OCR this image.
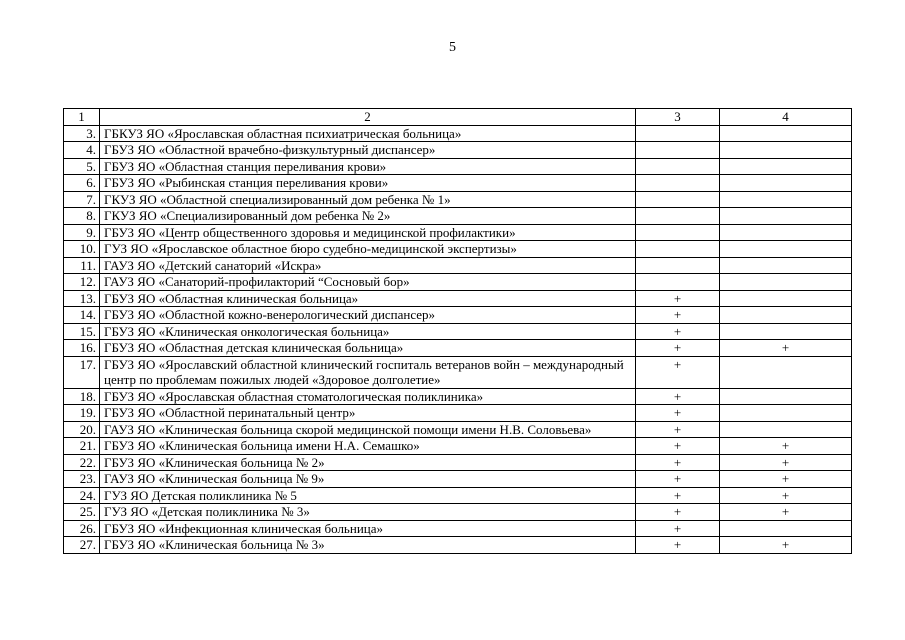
5
1	2	3	4
3.	ГБКУЗ ЯО «Ярославская областная психиатрическая больница»		
4.	ГБУЗ ЯО «Областной врачебно-физкультурный диспансер»		
5.	ГБУЗ ЯО «Областная станция переливания крови»		
6.	ГБУЗ ЯО «Рыбинская станция переливания крови»		
7.	ГКУЗ ЯО «Областной специализированный дом ребенка № 1»		
8.	ГКУЗ ЯО «Специализированный дом ребенка № 2»		
9.	ГБУЗ ЯО «Центр общественного здоровья и медицинской профилактики»		
10.	ГУЗ ЯО «Ярославское областное бюро судебно-медицинской экспертизы»		
11.	ГАУЗ ЯО «Детский санаторий «Искра»		
12.	ГАУЗ ЯО «Санаторий-профилакторий “Сосновый бор»		
13.	ГБУЗ ЯО «Областная клиническая больница»	+	
14.	ГБУЗ ЯО «Областной кожно-венерологический диспансер»	+	
15.	ГБУЗ ЯО «Клиническая онкологическая больница»	+	
16.	ГБУЗ ЯО «Областная детская клиническая больница»	+	+
17.	ГБУЗ ЯО «Ярославский областной клинический госпиталь ветеранов войн – международный центр по проблемам пожилых людей «Здоровое долголетие»	+	
18.	ГБУЗ ЯО «Ярославская областная стоматологическая поликлиника»	+	
19.	ГБУЗ ЯО «Областной перинатальный центр»	+	
20.	ГАУЗ ЯО «Клиническая больница скорой медицинской помощи имени Н.В. Соловьева»	+	
21.	ГБУЗ ЯО «Клиническая больница имени Н.А. Семашко»	+	+
22.	ГБУЗ ЯО «Клиническая больница № 2»	+	+
23.	ГАУЗ ЯО «Клиническая больница № 9»	+	+
24.	ГУЗ ЯО Детская поликлиника № 5	+	+
25.	ГУЗ ЯО «Детская поликлиника № 3»	+	+
26.	ГБУЗ ЯО «Инфекционная клиническая больница»	+	
27.	ГБУЗ ЯО «Клиническая больница № 3»	+	+
